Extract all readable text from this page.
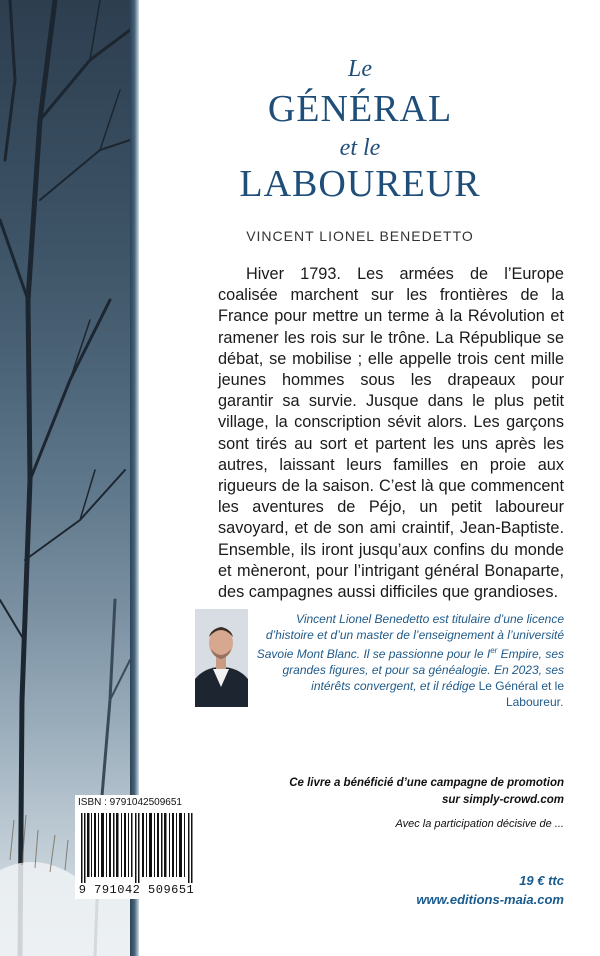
Le
GÉNÉRAL
et le
LABOUREUR
VINCENT LIONEL BENEDETTO

Hiver 1793. Les armées de l’Europe coalisée marchent sur les frontières de la France pour mettre un terme à la Révolution et ramener les rois sur le trône. La République se débat, se mobilise ; elle appelle trois cent mille jeunes hommes sous les drapeaux pour garantir sa survie. Jusque dans le plus petit village, la conscription sévit alors. Les garçons sont tirés au sort et partent les uns après les autres, laissant leurs familles en proie aux rigueurs de la saison. C’est là que commencent les aventures de Péjo, un petit laboureur savoyard, et de son ami craintif, Jean-Baptiste. Ensemble, ils iront jusqu’aux confins du monde et mèneront, pour l’intrigant général Bonaparte, des campagnes aussi difficiles que grandioses.

Vincent Lionel Benedetto est titulaire d’une licence d’histoire et d’un master de l’enseignement à l’université Savoie Mont Blanc. Il se passionne pour le Ier Empire, ses grandes figures, et pour sa généalogie. En 2023, ses intérêts convergent, et il rédige Le Général et le Laboureur.
ISBN : 9791042509651
9 791042 509651
Ce livre a bénéficié d’une campagne de promotion
sur simply-crowd.com
Avec la participation décisive de ...
19 € ttc
www.editions-maia.com
